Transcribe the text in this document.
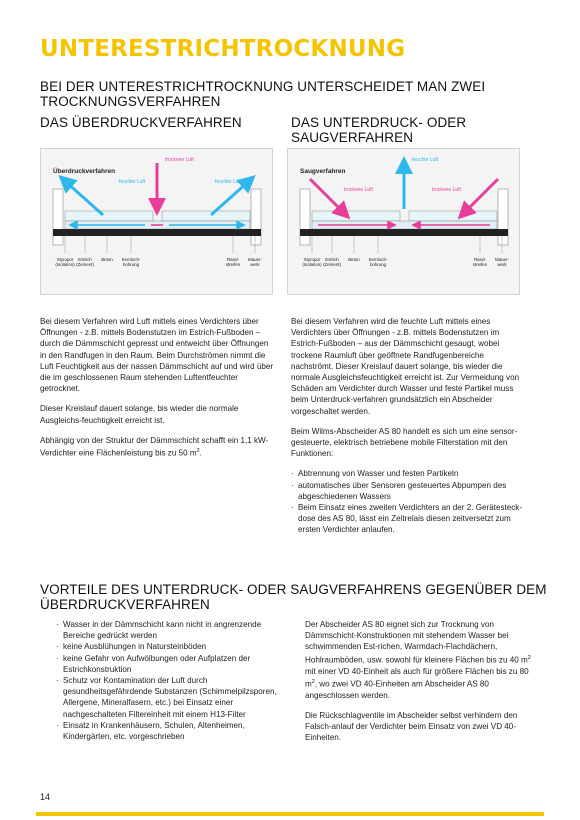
UNTERESTRICHTROCKNUNG
BEI DER UNTERESTRICHTROCKNUNG UNTERSCHEIDET MAN ZWEI TROCKNUNGSVERFAHREN
DAS ÜBERDRUCKVERFAHREN	DAS UNTERDRUCK- ODER SAUGVERFAHREN
Überdruckverfahren
trockene Luft
feuchte Luft	feuchte Luft
Styropor (Isolation)
Estrich (Zement)
Beton Kernloch-bohrung
Rand-streifen
Mauer-werk
Saugverfahren
feuchte Luft
trockene Luft	trockene Luft
Styropor (Isolation)
Estrich (Zement)
Beton Kernloch-bohrung
Rand-streifen
Mauer-werk

Bei diesem Verfahren wird Luft mittels eines Verdichters über Öffnungen - z.B. mittels Bodenstutzen im Estrich-Fußboden – durch die Dämmschicht gepresst und entweicht über Öffnungen in den Randfugen in den Raum. Beim Durchströmen nimmt die Luft Feuchtigkeit aus der nassen Dämmschicht auf und wird über die im geschlossenen Raum stehenden Luftentfeuchter getrocknet.

Dieser Kreislauf dauert solange, bis wieder die normale Ausgleichs-feuchtigkeit erreicht ist.

Abhängig von der Struktur der Dämmschicht schafft ein 1,1 kW-Verdichter eine Flächenleistung bis zu 50 $m^2$.

Bei diesem Verfahren wird die feuchte Luft mittels eines Verdichters über Öffnungen - z.B. mittels Bodenstutzen im Estrich-Fußboden – aus der Dämmschicht gesaugt, wobei trockene Raumluft über geöffnete Randfugenbereiche nachströmt. Dieser Kreislauf dauert solange, bis wieder die normale Ausgleichsfeuchtigkeit erreicht ist. Zur Vermeidung von Schäden am Verdichter durch Wasser und feste Partikel muss beim Unterdruck-verfahren grundsätzlich ein Abscheider vorgeschaltet werden.

Beim Wilms-Abscheider AS 80 handelt es sich um eine sensor-gesteuerte, elektrisch betriebene mobile Filterstation mit den Funktionen:

· Abtrennung von Wasser und festen Partikeln
· automatisches über Sensoren gesteuertes Abpumpen des abgeschiedenen Wassers
· Beim Einsatz eines zweiten Verdichters an der 2. Gerätesteck-dose des AS 80, lässt ein Zeitrelais diesen zeitversetzt zum ersten Verdichter anlaufen.
VORTEILE DES UNTERDRUCK- ODER SAUGVERFAHRENS GEGENÜBER DEM ÜBERDRUCKVERFAHREN
· Wasser in der Dämmschicht kann nicht in angrenzende Bereiche gedrückt werden
· keine Ausblühungen in Natursteinböden
· keine Gefahr von Aufwölbungen oder Aufplatzen der Estrichkonstruktion
· Schutz vor Kontamination der Luft durch gesundheitsgefährdende Substanzen (Schimmelpilzsporen, Allergene, Mineralfasern, etc.) bei Einsatz einer nachgeschalteten Filtereinheit mit einem H13-Filter
· Einsatz in Krankenhäusern, Schulen, Altenheimen, Kindergärten, etc. vorgeschrieben

Der Abscheider AS 80 eignet sich zur Trocknung von Dämmschicht-Konstruktionen mit stehendem Wasser bei schwimmenden Est-richen, Warmdach-Flachdächern, Hohlraumböden, usw. sowohl für kleinere Flächen bis zu 40 $m^2$ mit einer VD 40-Einheit als auch für größere Flächen bis zu 80 $m^2$, wo zwei VD 40-Einheiten am Abscheider AS 80 angeschlossen werden.

Die Rückschlagventile im Abscheider selbst verhindern den Falsch-anlauf der Verdichter beim Einsatz von zwei VD 40-Einheiten.

14
